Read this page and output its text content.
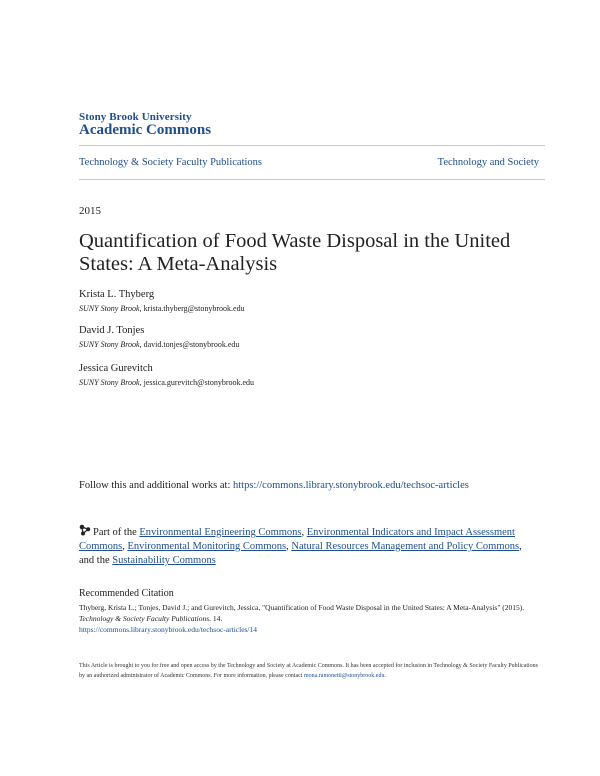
Stony Brook University
Academic Commons
Technology & Society Faculty Publications	Technology and Society
2015
Quantification of Food Waste Disposal in the United States: A Meta-Analysis
Krista L. Thyberg
SUNY Stony Brook, krista.thyberg@stonybrook.edu
David J. Tonjes
SUNY Stony Brook, david.tonjes@stonybrook.edu
Jessica Gurevitch
SUNY Stony Brook, jessica.gurevitch@stonybrook.edu
Follow this and additional works at: https://commons.library.stonybrook.edu/techsoc-articles
Part of the Environmental Engineering Commons, Environmental Indicators and Impact Assessment Commons, Environmental Monitoring Commons, Natural Resources Management and Policy Commons, and the Sustainability Commons
Recommended Citation
Thyberg, Krista L.; Tonjes, David J.; and Gurevitch, Jessica, "Quantification of Food Waste Disposal in the United States: A Meta-Analysis" (2015). Technology & Society Faculty Publications. 14.
https://commons.library.stonybrook.edu/techsoc-articles/14
This Article is brought to you for free and open access by the Technology and Society at Academic Commons. It has been accepted for inclusion in Technology & Society Faculty Publications by an authorized administrator of Academic Commons. For more information, please contact mona.ramonetti@stonybrook.edu.
